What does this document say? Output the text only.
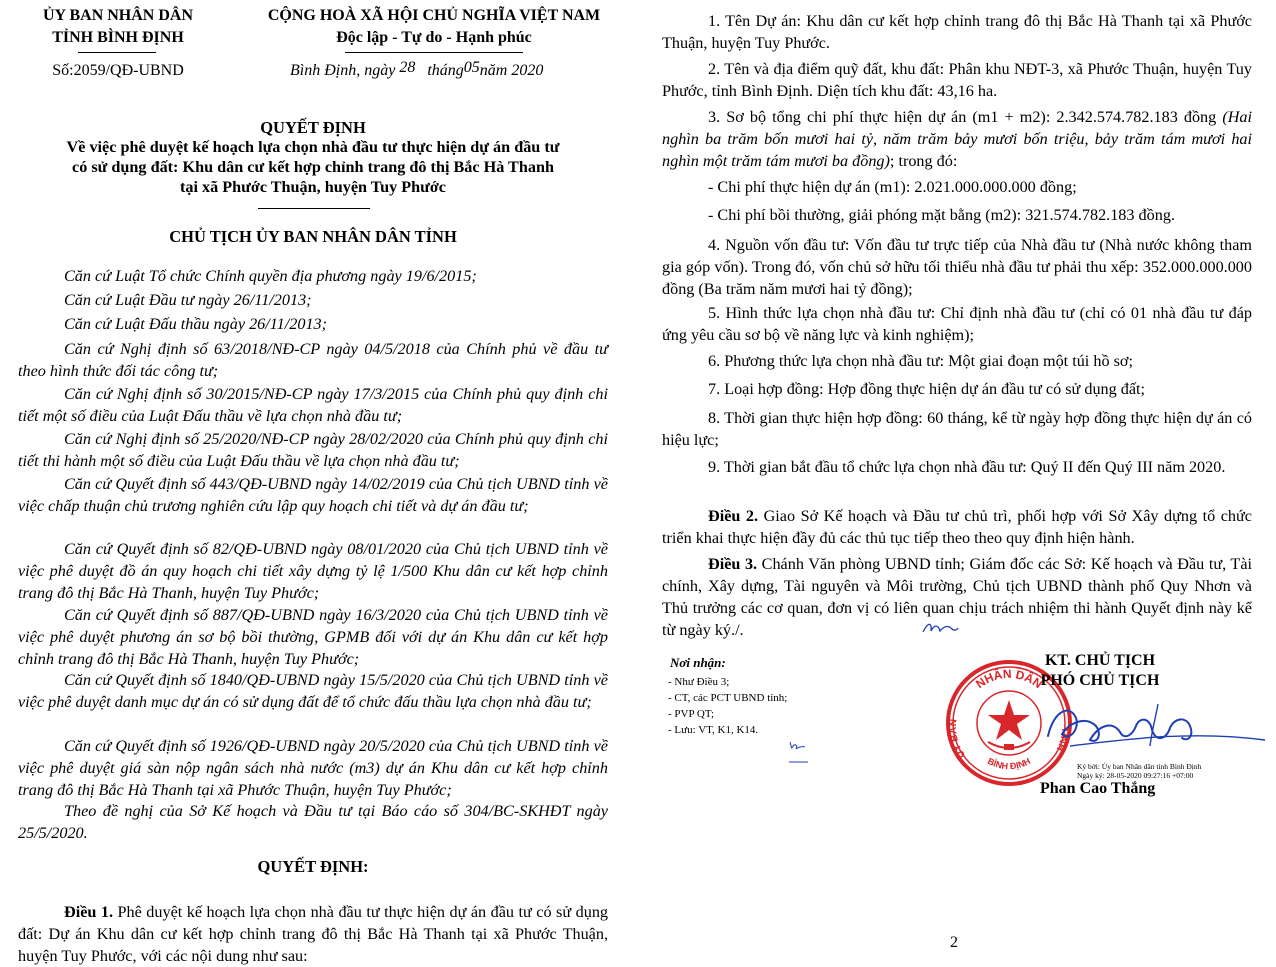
ỦY BAN NHÂN DÂN
TỈNH BÌNH ĐỊNH
Số:2059/QĐ-UBND
CỘNG HOÀ XÃ HỘI CHỦ NGHĨA VIỆT NAM
Độc lập - Tự do - Hạnh phúc
Bình Định, ngày 28 tháng05năm 2020
QUYẾT ĐỊNH
Về việc phê duyệt kế hoạch lựa chọn nhà đầu tư thực hiện dự án đầu tư
có sử dụng đất: Khu dân cư kết hợp chỉnh trang đô thị Bắc Hà Thanh
tại xã Phước Thuận, huyện Tuy Phước
CHỦ TỊCH ỦY BAN NHÂN DÂN TỈNH
Căn cứ Luật Tổ chức Chính quyền địa phương ngày 19/6/2015;
Căn cứ Luật Đầu tư ngày 26/11/2013;
Căn cứ Luật Đấu thầu ngày 26/11/2013;
Căn cứ Nghị định số 63/2018/NĐ-CP ngày 04/5/2018 của Chính phủ về đầu tư theo hình thức đối tác công tư;
Căn cứ Nghị định số 30/2015/NĐ-CP ngày 17/3/2015 của Chính phủ quy định chi tiết một số điều của Luật Đấu thầu về lựa chọn nhà đầu tư;
Căn cứ Nghị định số 25/2020/NĐ-CP ngày 28/02/2020 của Chính phủ quy định chi tiết thi hành một số điều của Luật Đấu thầu về lựa chọn nhà đầu tư;
Căn cứ Quyết định số 443/QĐ-UBND ngày 14/02/2019 của Chủ tịch UBND tỉnh về việc chấp thuận chủ trương nghiên cứu lập quy hoạch chi tiết và dự án đầu tư;
Căn cứ Quyết định số 82/QĐ-UBND ngày 08/01/2020 của Chủ tịch UBND tỉnh về việc phê duyệt đồ án quy hoạch chi tiết xây dựng tỷ lệ 1/500 Khu dân cư kết hợp chỉnh trang đô thị Bắc Hà Thanh, huyện Tuy Phước;
Căn cứ Quyết định số 887/QĐ-UBND ngày 16/3/2020 của Chủ tịch UBND tỉnh về việc phê duyệt phương án sơ bộ bồi thường, GPMB đối với dự án Khu dân cư kết hợp chỉnh trang đô thị Bắc Hà Thanh, huyện Tuy Phước;
Căn cứ Quyết định số 1840/QĐ-UBND ngày 15/5/2020 của Chủ tịch UBND tỉnh về việc phê duyệt danh mục dự án có sử dụng đất để tổ chức đấu thầu lựa chọn nhà đầu tư;
Căn cứ Quyết định số 1926/QĐ-UBND ngày 20/5/2020 của Chủ tịch UBND tỉnh về việc phê duyệt giá sàn nộp ngân sách nhà nước (m3) dự án Khu dân cư kết hợp chỉnh trang đô thị Bắc Hà Thanh tại xã Phước Thuận, huyện Tuy Phước;
Theo đề nghị của Sở Kế hoạch và Đầu tư tại Báo cáo số 304/BC-SKHĐT ngày 25/5/2020.
QUYẾT ĐỊNH:
Điều 1. Phê duyệt kế hoạch lựa chọn nhà đầu tư thực hiện dự án đầu tư có sử dụng đất: Dự án Khu dân cư kết hợp chỉnh trang đô thị Bắc Hà Thanh tại xã Phước Thuận, huyện Tuy Phước, với các nội dung như sau:
1. Tên Dự án: Khu dân cư kết hợp chỉnh trang đô thị Bắc Hà Thanh tại xã Phước Thuận, huyện Tuy Phước.
2. Tên và địa điểm quỹ đất, khu đất: Phân khu NĐT-3, xã Phước Thuận, huyện Tuy Phước, tỉnh Bình Định. Diện tích khu đất: 43,16 ha.
3. Sơ bộ tổng chi phí thực hiện dự án (m1 + m2): 2.342.574.782.183 đồng (Hai nghìn ba trăm bốn mươi hai tỷ, năm trăm bảy mươi bốn triệu, bảy trăm tám mươi hai nghìn một trăm tám mươi ba đồng); trong đó:
- Chi phí thực hiện dự án (m1): 2.021.000.000.000 đồng;
- Chi phí bồi thường, giải phóng mặt bằng (m2): 321.574.782.183 đồng.
4. Nguồn vốn đầu tư: Vốn đầu tư trực tiếp của Nhà đầu tư (Nhà nước không tham gia góp vốn). Trong đó, vốn chủ sở hữu tối thiểu nhà đầu tư phải thu xếp: 352.000.000.000 đồng (Ba trăm năm mươi hai tỷ đồng);
5. Hình thức lựa chọn nhà đầu tư: Chỉ định nhà đầu tư (chỉ có 01 nhà đầu tư đáp ứng yêu cầu sơ bộ về năng lực và kinh nghiệm);
6. Phương thức lựa chọn nhà đầu tư: Một giai đoạn một túi hồ sơ;
7. Loại hợp đồng: Hợp đồng thực hiện dự án đầu tư có sử dụng đất;
8. Thời gian thực hiện hợp đồng: 60 tháng, kể từ ngày hợp đồng thực hiện dự án có hiệu lực;
9. Thời gian bắt đầu tổ chức lựa chọn nhà đầu tư: Quý II đến Quý III năm 2020.
Điều 2. Giao Sở Kế hoạch và Đầu tư chủ trì, phối hợp với Sở Xây dựng tổ chức triển khai thực hiện đầy đủ các thủ tục tiếp theo theo quy định hiện hành.
Điều 3. Chánh Văn phòng UBND tỉnh; Giám đốc các Sở: Kế hoạch và Đầu tư, Tài chính, Xây dựng, Tài nguyên và Môi trường, Chủ tịch UBND thành phố Quy Nhơn và Thủ trưởng các cơ quan, đơn vị có liên quan chịu trách nhiệm thi hành Quyết định này kể từ ngày ký./.
Nơi nhận:
- Như Điều 3;
- CT, các PCT UBND tỉnh;
- PVP QT;
- Lưu: VT, K1, K14.
NHÂN DÂN
ỦY BAN
TỈNH
BÌNH ĐỊNH
KT. CHỦ TỊCH
PHÓ CHỦ TỊCH
Ký bởi: Ủy ban Nhân dân tỉnh Bình Định
Ngày ký: 28-05-2020 09:27:16 +07:00
Phan Cao Thắng
2
